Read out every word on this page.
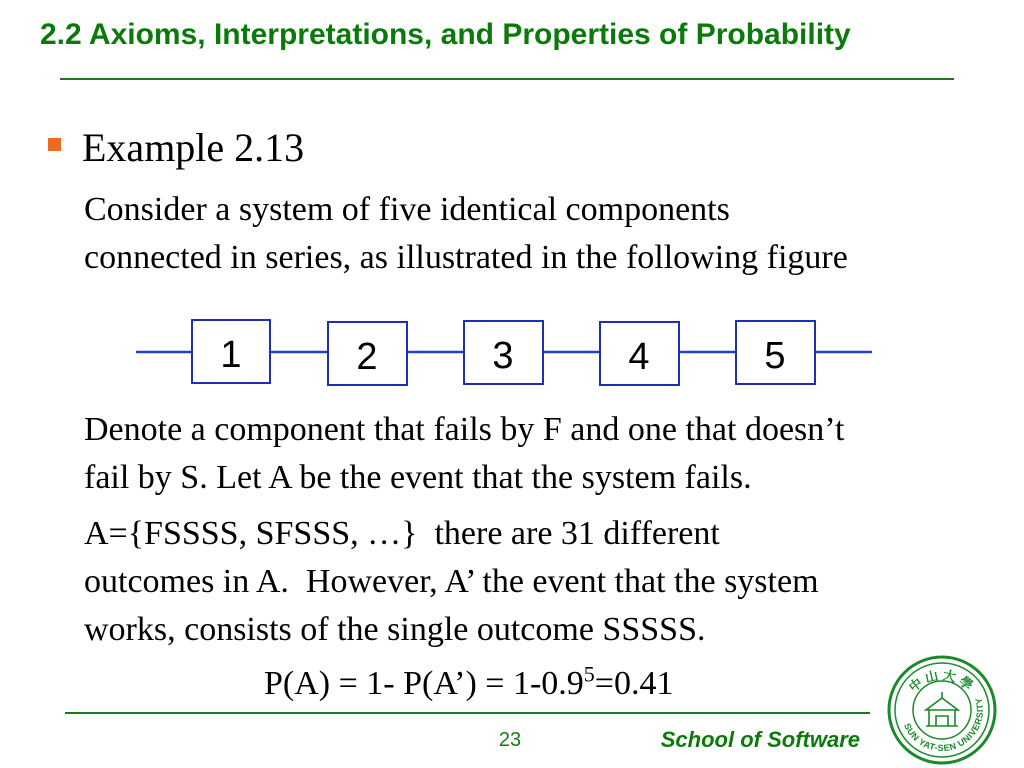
2.2 Axioms, Interpretations, and Properties of Probability
Example 2.13
Consider a system of five identical components
connected in series, as illustrated in the following figure
1	2	3	4	5
Denote a component that fails by F and one that doesn’t
fail by S. Let A be the event that the system fails.
A={FSSSS, SFSSS, …}  there are 31 different
outcomes in A.  However, A’ the event that the system
works, consists of the single outcome SSSSS.
P(A) = 1- P(A’) = $1-0.9^5=0.41$
23	School of Software
中山大學
SUN YAT-SEN UNIVERSITY
